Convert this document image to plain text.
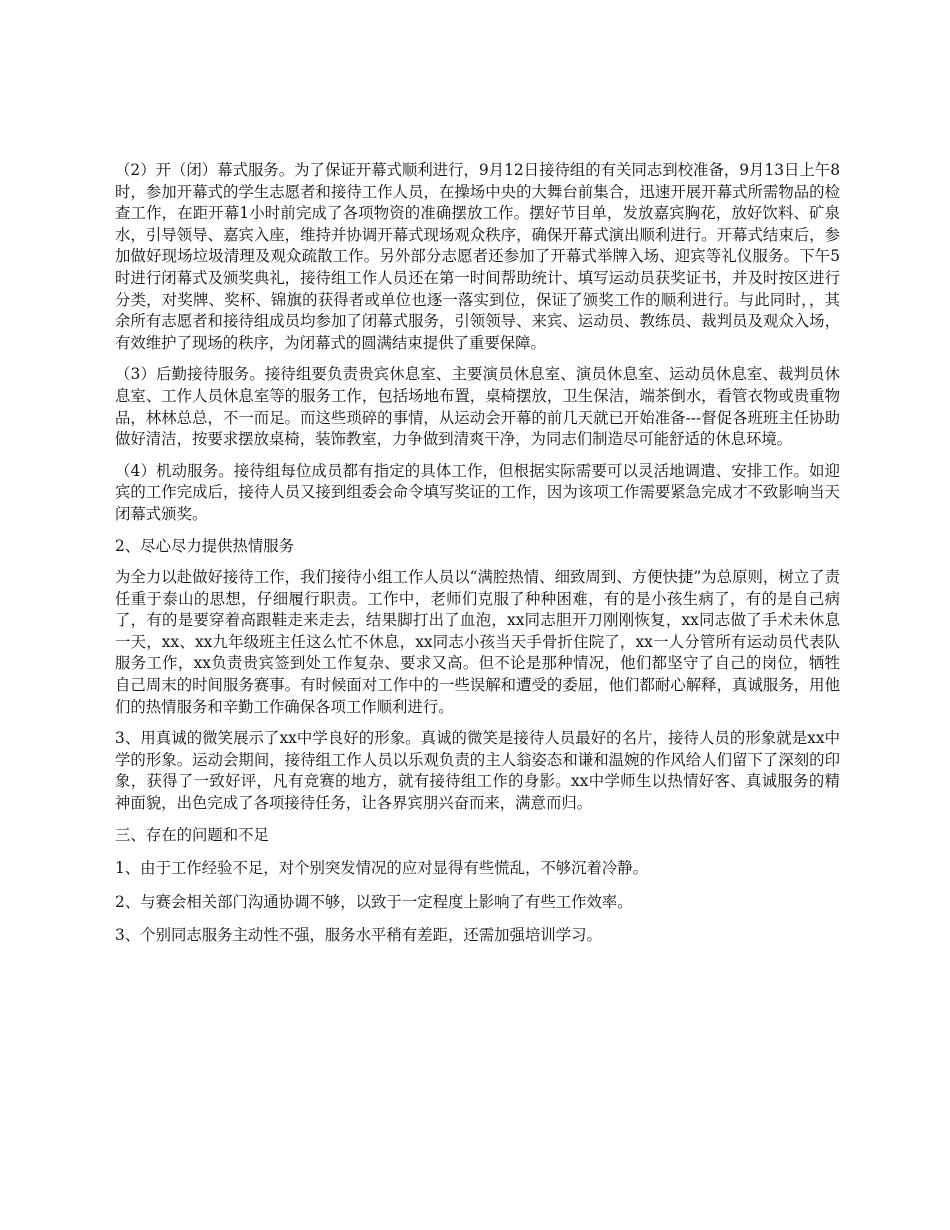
（2）开（闭）幕式服务。为了保证开幕式顺利进行，9月12日接待组的有关同志到校准备，9月13日上午8时，参加开幕式的学生志愿者和接待工作人员，在操场中央的大舞台前集合，迅速开展开幕式所需物品的检查工作，在距开幕1小时前完成了各项物资的准确摆放工作。摆好节目单，发放嘉宾胸花，放好饮料、矿泉水，引导领导、嘉宾入座，维持并协调开幕式现场观众秩序，确保开幕式演出顺利进行。开幕式结束后，参加做好现场垃圾清理及观众疏散工作。另外部分志愿者还参加了开幕式举牌入场、迎宾等礼仪服务。下午5时进行闭幕式及颁奖典礼，接待组工作人员还在第一时间帮助统计、填写运动员获奖证书，并及时按区进行分类，对奖牌、奖杯、锦旗的获得者或单位也逐一落实到位，保证了颁奖工作的顺利进行。与此同时，，其余所有志愿者和接待组成员均参加了闭幕式服务，引领领导、来宾、运动员、教练员、裁判员及观众入场，有效维护了现场的秩序，为闭幕式的圆满结束提供了重要保障。

（3）后勤接待服务。接待组要负责贵宾休息室、主要演员休息室、演员休息室、运动员休息室、裁判员休息室、工作人员休息室等的服务工作，包括场地布置，桌椅摆放，卫生保洁，端茶倒水，看管衣物或贵重物品，林林总总，不一而足。而这些琐碎的事情，从运动会开幕的前几天就已开始准备---督促各班班主任协助做好清洁，按要求摆放桌椅，装饰教室，力争做到清爽干净，为同志们制造尽可能舒适的休息环境。

（4）机动服务。接待组每位成员都有指定的具体工作，但根据实际需要可以灵活地调遣、安排工作。如迎宾的工作完成后，接待人员又接到组委会命令填写奖证的工作，因为该项工作需要紧急完成才不致影响当天闭幕式颁奖。

2、尽心尽力提供热情服务

为全力以赴做好接待工作，我们接待小组工作人员以“满腔热情、细致周到、方便快捷”为总原则，树立了责任重于泰山的思想，仔细履行职责。工作中，老师们克服了种种困难，有的是小孩生病了，有的是自己病了，有的是要穿着高跟鞋走来走去，结果脚打出了血泡，xx同志胆开刀刚刚恢复，xx同志做了手术未休息一天，xx、xx九年级班主任这么忙不休息，xx同志小孩当天手骨折住院了，xx一人分管所有运动员代表队服务工作，xx负责贵宾签到处工作复杂、要求又高。但不论是那种情况，他们都坚守了自己的岗位，牺牲自己周末的时间服务赛事。有时候面对工作中的一些误解和遭受的委屈，他们都耐心解释，真诚服务，用他们的热情服务和辛勤工作确保各项工作顺利进行。

3、用真诚的微笑展示了xx中学良好的形象。真诚的微笑是接待人员最好的名片，接待人员的形象就是xx中学的形象。运动会期间，接待组工作人员以乐观负责的主人翁姿态和谦和温婉的作风给人们留下了深刻的印象，获得了一致好评，凡有竞赛的地方，就有接待组工作的身影。xx中学师生以热情好客、真诚服务的精神面貌，出色完成了各项接待任务，让各界宾朋兴奋而来，满意而归。

三、存在的问题和不足

1、由于工作经验不足，对个别突发情况的应对显得有些慌乱，不够沉着冷静。

2、与赛会相关部门沟通协调不够，以致于一定程度上影响了有些工作效率。

3、个别同志服务主动性不强，服务水平稍有差距，还需加强培训学习。
